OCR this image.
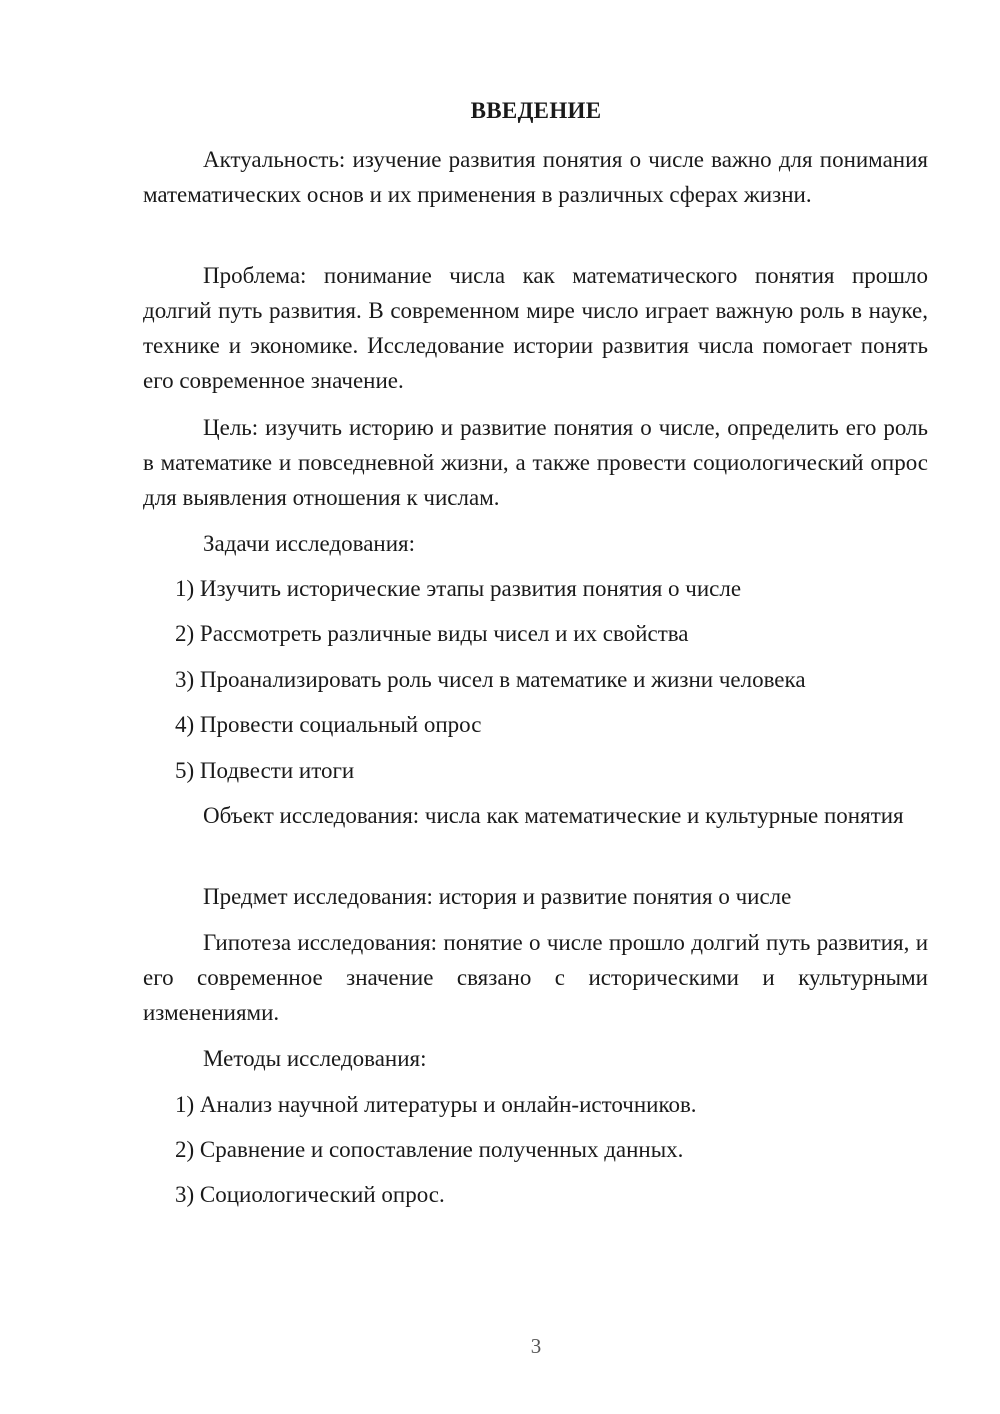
ВВЕДЕНИЕ

Актуальность: изучение развития понятия о числе важно для понимания математических основ и их применения в различных сферах жизни.

Проблема: понимание числа как математического понятия прошло долгий путь развития. В современном мире число играет важную роль в науке, технике и экономике. Исследование истории развития числа помогает понять его современное значение.

Цель: изучить историю и развитие понятия о числе, определить его роль в математике и повседневной жизни, а также провести социологический опрос для выявления отношения к числам.

Задачи исследования:

1) Изучить исторические этапы развития понятия о числе

2) Рассмотреть различные виды чисел и их свойства

3) Проанализировать роль чисел в математике и жизни человека

4) Провести социальный опрос

5) Подвести итоги

Объект исследования: числа как математические и культурные понятия

Предмет исследования: история и развитие понятия о числе

Гипотеза исследования: понятие о числе прошло долгий путь развития, и его современное значение связано с историческими и культурными изменениями.

Методы исследования:

1) Анализ научной литературы и онлайн-источников.

2) Сравнение и сопоставление полученных данных.

3) Социологический опрос.

3
